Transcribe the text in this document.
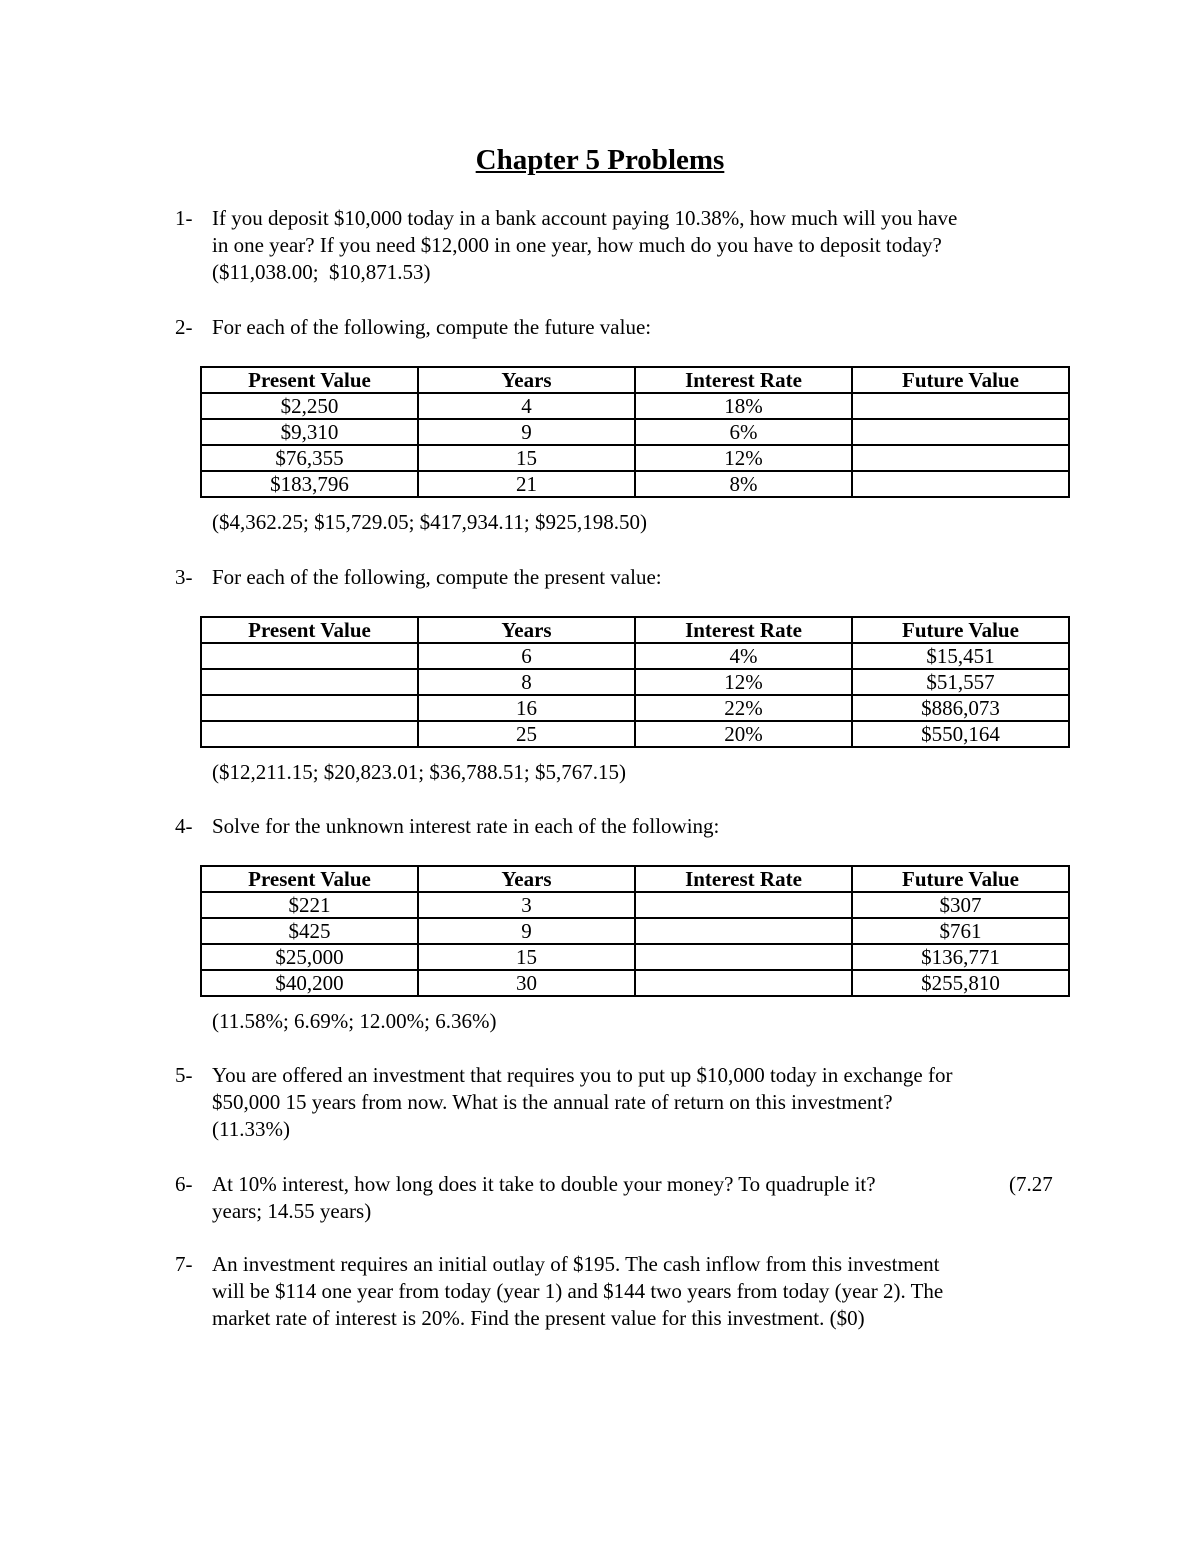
Chapter 5 Problems
1- If you deposit $10,000 today in a bank account paying 10.38%, how much will you have
in one year? If you need $12,000 in one year, how much do you have to deposit today?
($11,038.00;  $10,871.53)
2- For each of the following, compute the future value:
Present Value	Years	Interest Rate	Future Value
$2,250	4	18%	
$9,310	9	6%	
$76,355	15	12%	
$183,796	21	8%	
($4,362.25; $15,729.05; $417,934.11; $925,198.50)
3- For each of the following, compute the present value:
Present Value	Years	Interest Rate	Future Value
	6	4%	$15,451
	8	12%	$51,557
	16	22%	$886,073
	25	20%	$550,164
($12,211.15; $20,823.01; $36,788.51; $5,767.15)
4- Solve for the unknown interest rate in each of the following:
Present Value	Years	Interest Rate	Future Value
$221	3		$307
$425	9		$761
$25,000	15		$136,771
$40,200	30		$255,810
(11.58%; 6.69%; 12.00%; 6.36%)
5- You are offered an investment that requires you to put up $10,000 today in exchange for
$50,000 15 years from now. What is the annual rate of return on this investment?
(11.33%)
6- At 10% interest, how long does it take to double your money? To quadruple it?	(7.27
years; 14.55 years)
7- An investment requires an initial outlay of $195. The cash inflow from this investment
will be $114 one year from today (year 1) and $144 two years from today (year 2). The
market rate of interest is 20%. Find the present value for this investment. ($0)
